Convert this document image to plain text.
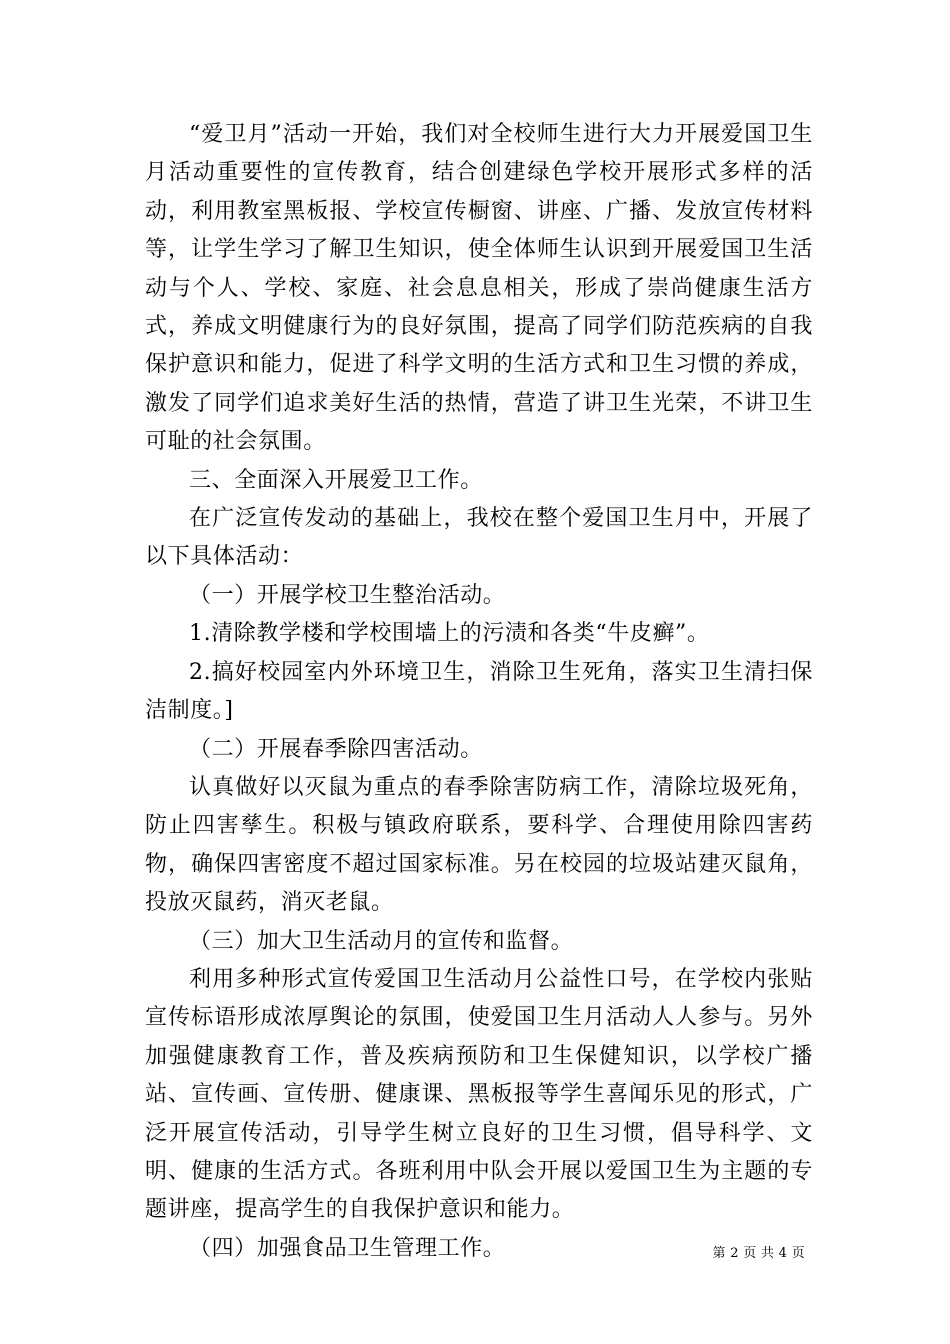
“爱卫月”活动一开始，我们对全校师生进行大力开展爱国卫生月活动重要性的宣传教育，结合创建绿色学校开展形式多样的活动，利用教室黑板报、学校宣传橱窗、讲座、广播、发放宣传材料等，让学生学习了解卫生知识，使全体师生认识到开展爱国卫生活动与个人、学校、家庭、社会息息相关，形成了崇尚健康生活方式，养成文明健康行为的良好氛围，提高了同学们防范疾病的自我保护意识和能力，促进了科学文明的生活方式和卫生习惯的养成，激发了同学们追求美好生活的热情，营造了讲卫生光荣，不讲卫生可耻的社会氛围。

三、全面深入开展爱卫工作。

在广泛宣传发动的基础上，我校在整个爱国卫生月中，开展了以下具体活动：

（一）开展学校卫生整治活动。

1.清除教学楼和学校围墙上的污渍和各类“牛皮癣”。

2.搞好校园室内外环境卫生，消除卫生死角，落实卫生清扫保洁制度。]

（二）开展春季除四害活动。

认真做好以灭鼠为重点的春季除害防病工作，清除垃圾死角，防止四害孳生。积极与镇政府联系，要科学、合理使用除四害药物，确保四害密度不超过国家标准。另在校园的垃圾站建灭鼠角，投放灭鼠药，消灭老鼠。

（三）加大卫生活动月的宣传和监督。

利用多种形式宣传爱国卫生活动月公益性口号，在学校内张贴宣传标语形成浓厚舆论的氛围，使爱国卫生月活动人人参与。另外加强健康教育工作，普及疾病预防和卫生保健知识，以学校广播站、宣传画、宣传册、健康课、黑板报等学生喜闻乐见的形式，广泛开展宣传活动，引导学生树立良好的卫生习惯，倡导科学、文明、健康的生活方式。各班利用中队会开展以爱国卫生为主题的专题讲座，提高学生的自我保护意识和能力。

（四）加强食品卫生管理工作。	第 2 页 共 4 页
